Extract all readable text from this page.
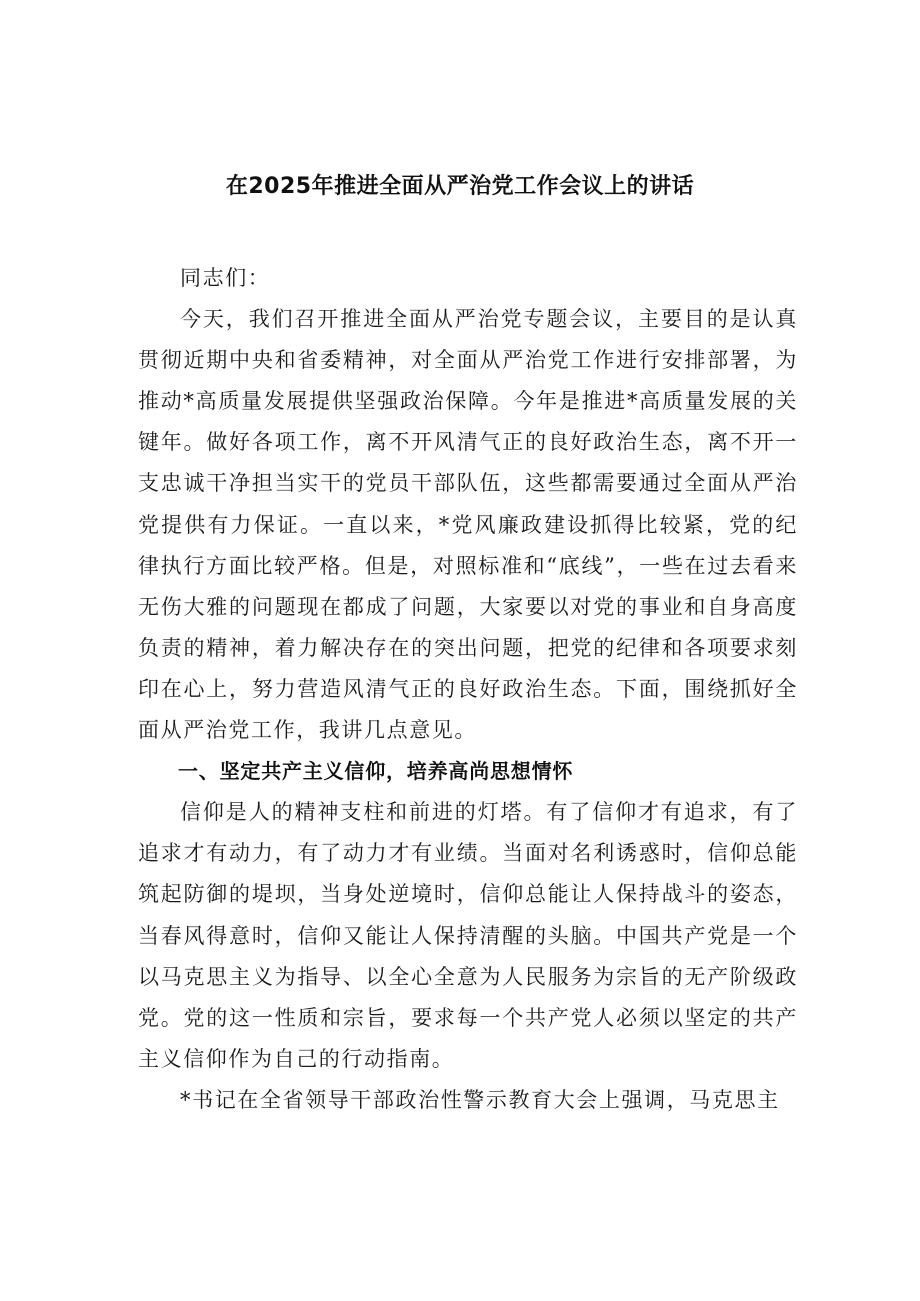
在2025年推进全面从严治党工作会议上的讲话

同志们：

今天，我们召开推进全面从严治党专题会议，主要目的是认真贯彻近期中央和省委精神，对全面从严治党工作进行安排部署，为推动*高质量发展提供坚强政治保障。今年是推进*高质量发展的关键年。做好各项工作，离不开风清气正的良好政治生态，离不开一支忠诚干净担当实干的党员干部队伍，这些都需要通过全面从严治党提供有力保证。一直以来，*党风廉政建设抓得比较紧，党的纪律执行方面比较严格。但是，对照标准和“底线”，一些在过去看来无伤大雅的问题现在都成了问题，大家要以对党的事业和自身高度负责的精神，着力解决存在的突出问题，把党的纪律和各项要求刻印在心上，努力营造风清气正的良好政治生态。下面，围绕抓好全面从严治党工作，我讲几点意见。

一、坚定共产主义信仰，培养高尚思想情怀

信仰是人的精神支柱和前进的灯塔。有了信仰才有追求，有了追求才有动力，有了动力才有业绩。当面对名利诱惑时，信仰总能筑起防御的堤坝，当身处逆境时，信仰总能让人保持战斗的姿态，当春风得意时，信仰又能让人保持清醒的头脑。中国共产党是一个以马克思主义为指导、以全心全意为人民服务为宗旨的无产阶级政党。党的这一性质和宗旨，要求每一个共产党人必须以坚定的共产主义信仰作为自己的行动指南。

*书记在全省领导干部政治性警示教育大会上强调，马克思主
